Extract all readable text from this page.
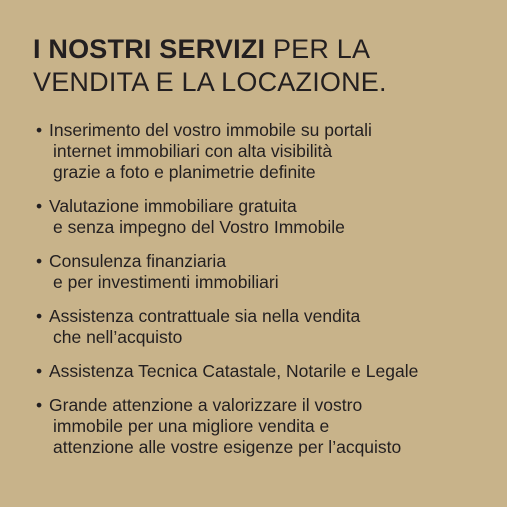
I NOSTRI SERVIZI PER LA
VENDITA E LA LOCAZIONE.
• Inserimento del vostro immobile su portali
internet immobiliari con alta visibilità
grazie a foto e planimetrie definite
• Valutazione immobiliare gratuita
e senza impegno del Vostro Immobile
• Consulenza finanziaria
e per investimenti immobiliari
• Assistenza contrattuale sia nella vendita
che nell’acquisto
• Assistenza Tecnica Catastale, Notarile e Legale
• Grande attenzione a valorizzare il vostro
immobile per una migliore vendita e
attenzione alle vostre esigenze per l’acquisto
